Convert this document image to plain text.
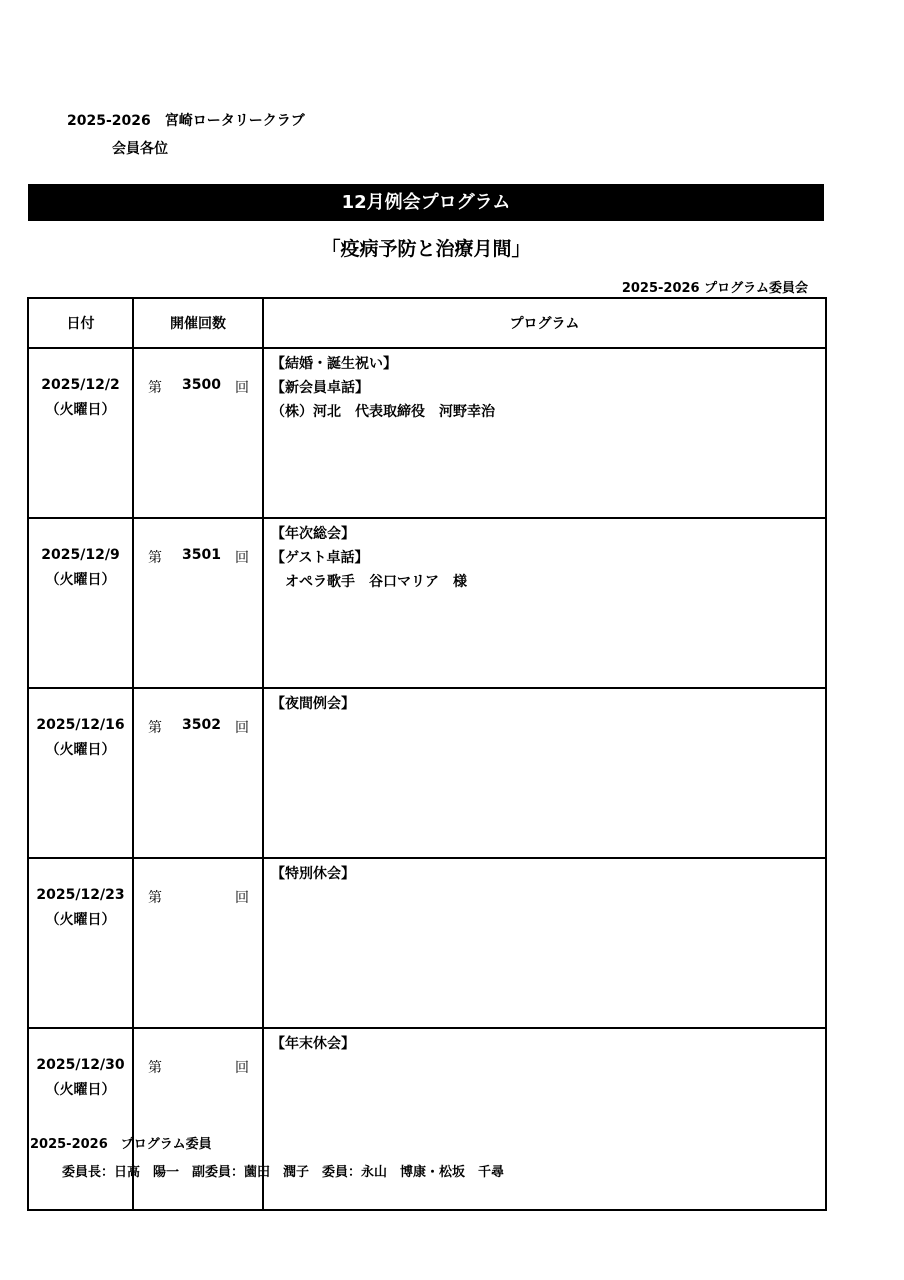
2025-2026　宮崎ロータリークラブ
会員各位
12月例会プログラム
「疫病予防と治療月間」
2025-2026 プログラム委員会
日付	開催回数	プログラム

2025/12/2
（火曜日）	第 3500 回	【結婚・誕生祝い】
【新会員卓話】
（株）河北　代表取締役　河野幸治

2025/12/9
（火曜日）	第 3501 回	【年次総会】
【ゲスト卓話】
　オペラ歌手　谷口マリア　様

2025/12/16
（火曜日）	第 3502 回	【夜間例会】

2025/12/23
（火曜日）	第 回	【特別休会】

2025/12/30
（火曜日）	第 回	【年末休会】
2025-2026　プログラム委員
委員長：日高　陽一　副委員：薗田　潤子　委員：永山　博康・松坂　千尋
